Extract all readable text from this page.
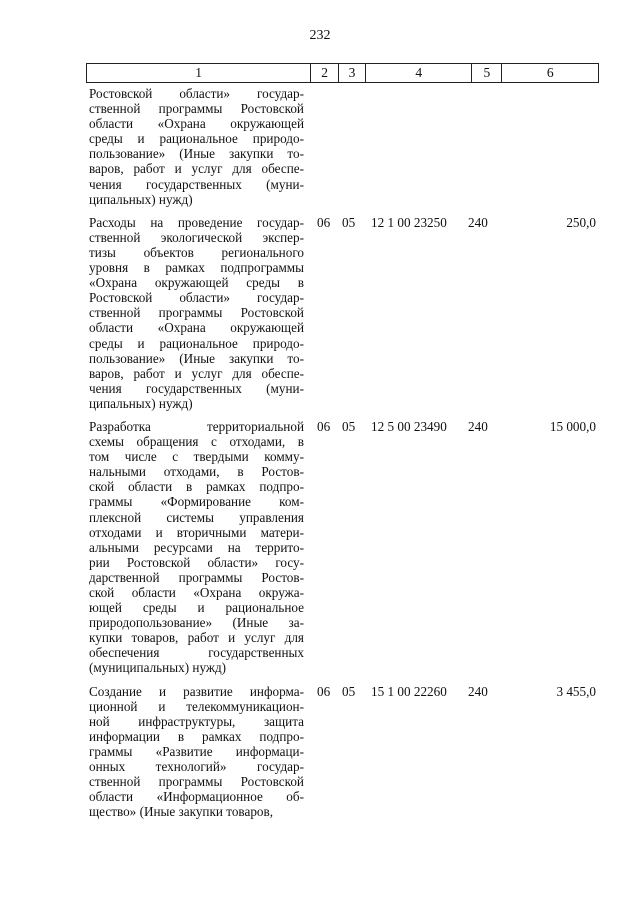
232
1	2	3	4	5	6
Ростовской области» государ-
ственной программы Ростовской
области «Охрана окружающей
среды и рациональное природо-
пользование» (Иные закупки то-
варов, работ и услуг для обеспе-
чения государственных (муни-
ципальных) нужд)
Расходы на проведение государ-
ственной экологической экспер-
тизы объектов регионального
уровня в рамках подпрограммы
«Охрана окружающей среды в
Ростовской области» государ-
ственной программы Ростовской
области «Охрана окружающей
среды и рациональное природо-
пользование» (Иные закупки то-
варов, работ и услуг для обеспе-
чения государственных (муни-
ципальных) нужд)
06 05	12 1 00 23250	240	250,0
Разработка территориальной
схемы обращения с отходами, в
том числе с твердыми комму-
нальными отходами, в Ростов-
ской области в рамках подпро-
граммы «Формирование ком-
плексной системы управления
отходами и вторичными матери-
альными ресурсами на террито-
рии Ростовской области» госу-
дарственной программы Ростов-
ской области «Охрана окружа-
ющей среды и рациональное
природопользование» (Иные за-
купки товаров, работ и услуг для
обеспечения государственных
(муниципальных) нужд)
06 05	12 5 00 23490	240	15 000,0
Создание и развитие информа-
ционной и телекоммуникацион-
ной инфраструктуры, защита
информации в рамках подпро-
граммы «Развитие информаци-
онных технологий» государ-
ственной программы Ростовской
области «Информационное об-
щество» (Иные закупки товаров,
06 05	15 1 00 22260	240	3 455,0
